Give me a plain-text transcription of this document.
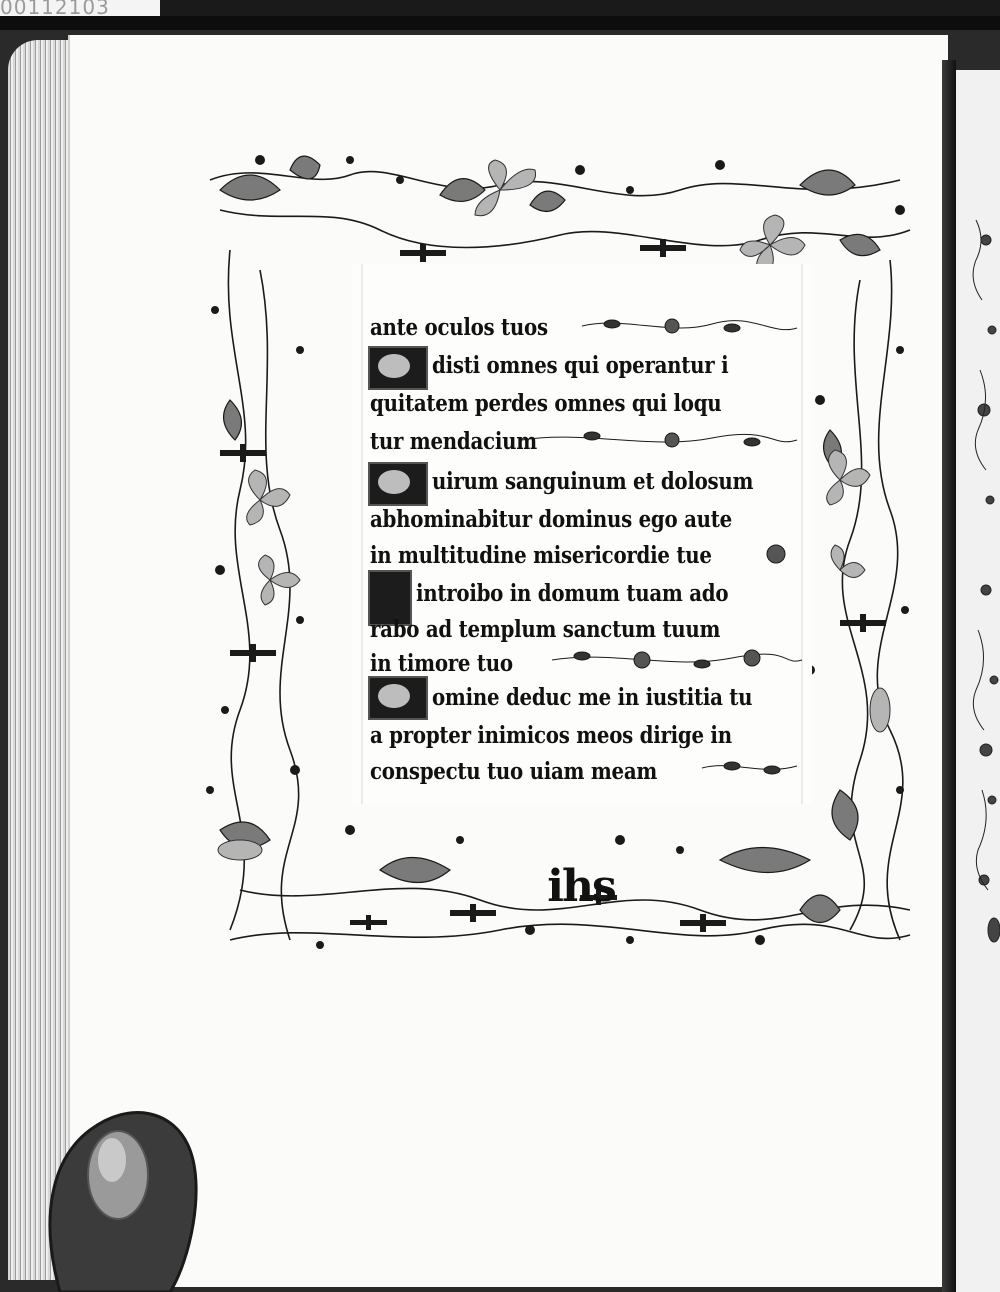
00112103
ante oculos tuos
disti omnes qui operantur i
quitatem perdes omnes qui loqu
tur mendacium
uirum sanguinum et dolosum
abhominabitur dominus ego aute
in multitudine misericordie tue
introibo in domum tuam ado
rabo ad templum sanctum tuum
in timore tuo
omine deduc me in iustitia tu
a propter inimicos meos dirige in
conspectu tuo uiam meam
ihs
